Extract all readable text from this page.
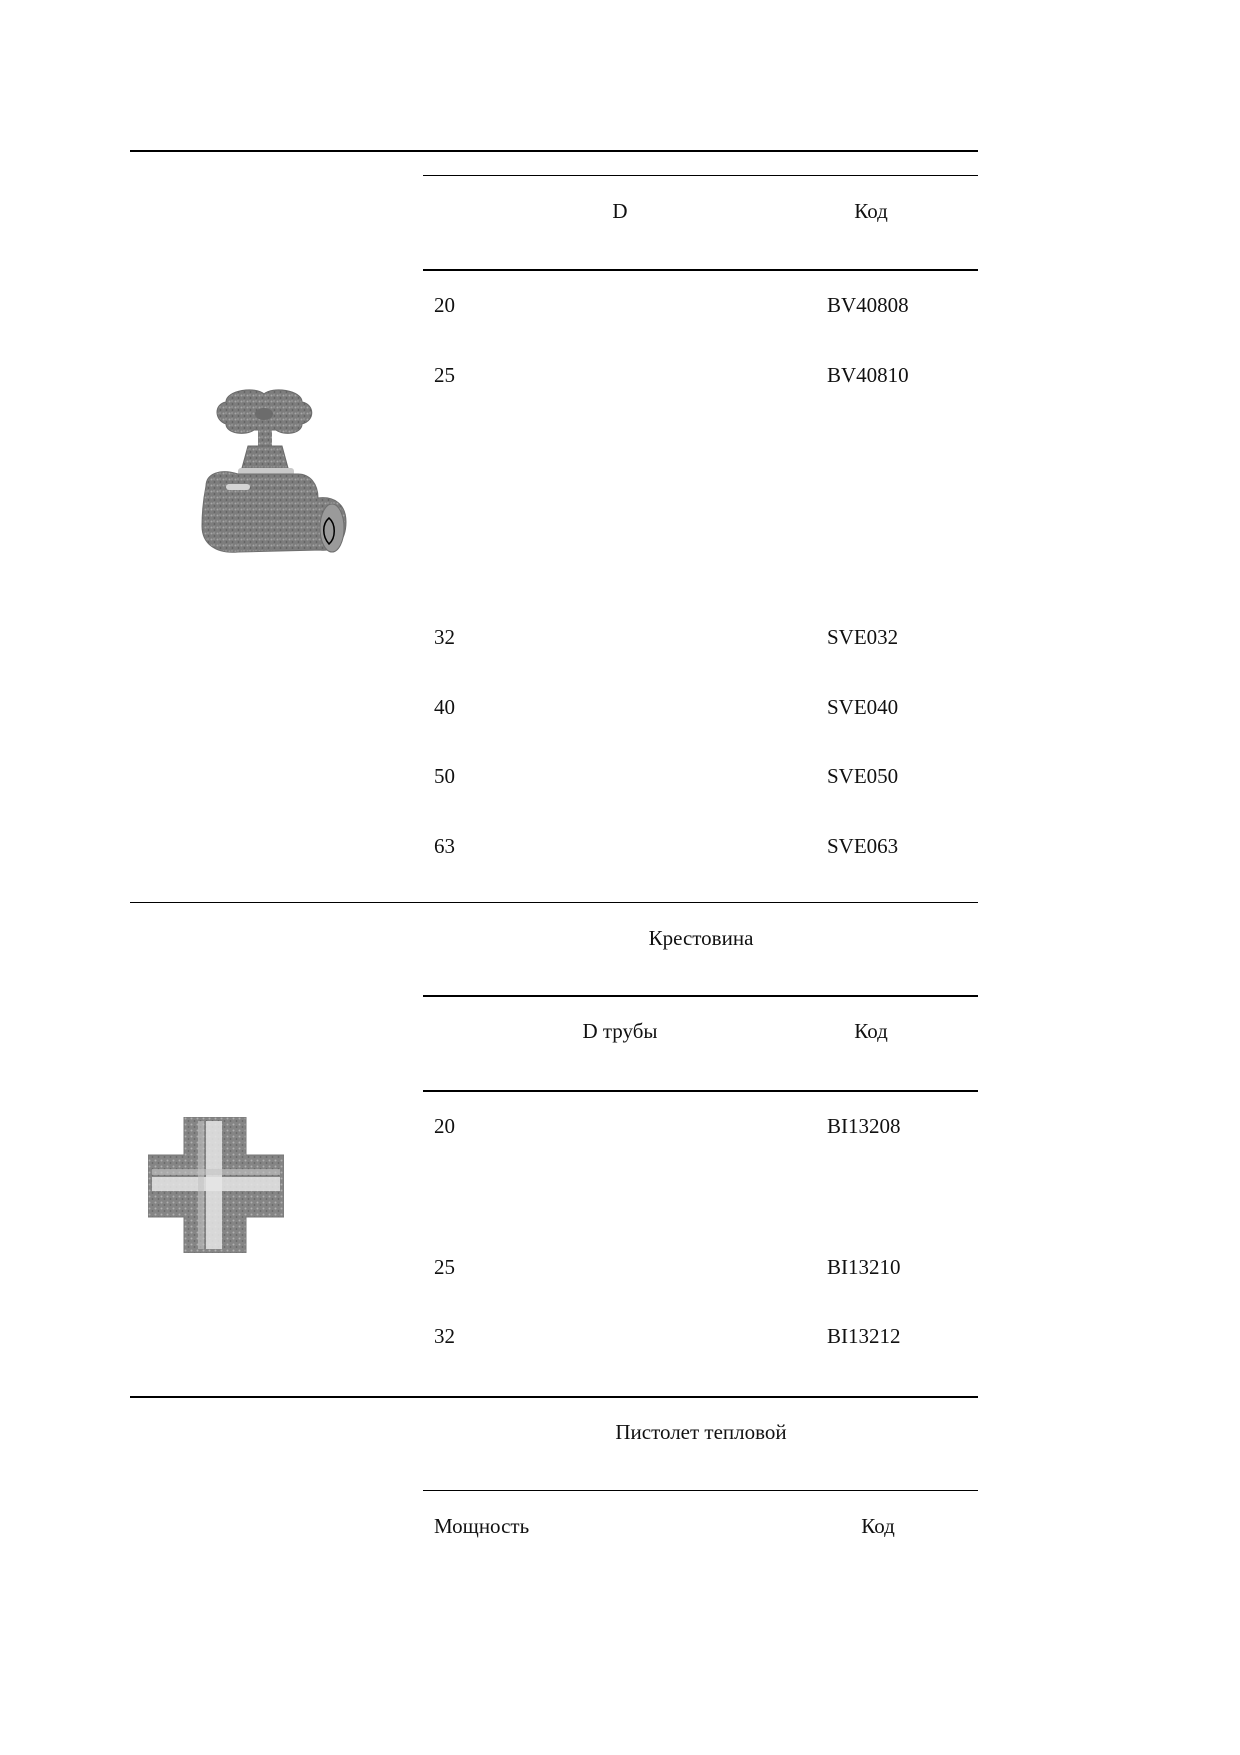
D	Код
20	BV40808
25	BV40810
32	SVE032
40	SVE040
50	SVE050
63	SVE063
Крестовина
D трубы	Код
20	BI13208
25	BI13210
32	BI13212
Пистолет тепловой
Мощность	Код
